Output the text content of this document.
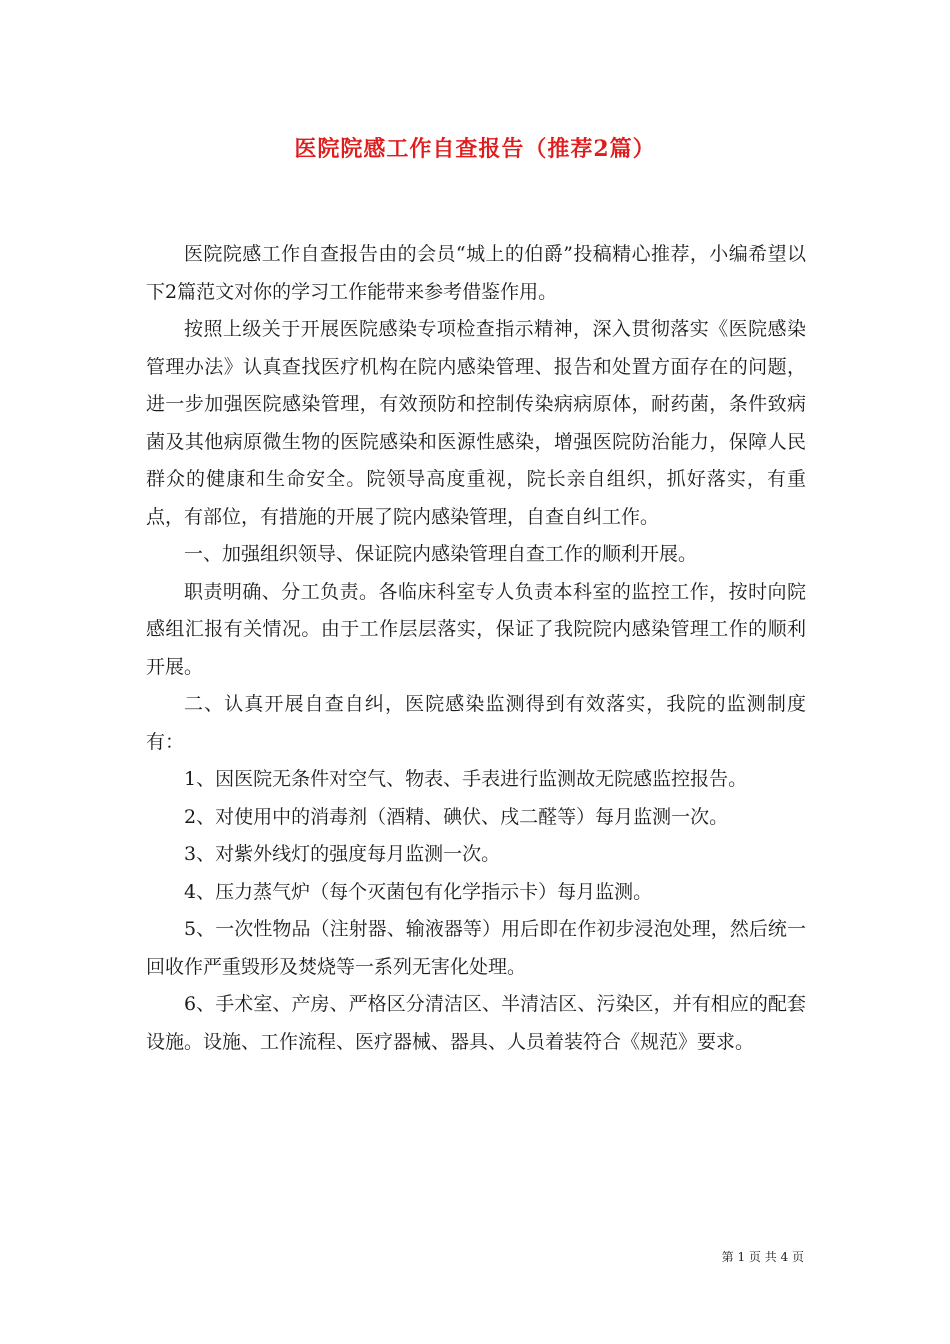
医院院感工作自查报告（推荐2篇）

医院院感工作自查报告由的会员“城上的伯爵”投稿精心推荐，小编希望以下2篇范文对你的学习工作能带来参考借鉴作用。

按照上级关于开展医院感染专项检查指示精神，深入贯彻落实《医院感染管理办法》认真查找医疗机构在院内感染管理、报告和处置方面存在的问题，进一步加强医院感染管理，有效预防和控制传染病病原体，耐药菌，条件致病菌及其他病原微生物的医院感染和医源性感染，增强医院防治能力，保障人民群众的健康和生命安全。院领导高度重视，院长亲自组织，抓好落实，有重点，有部位，有措施的开展了院内感染管理，自查自纠工作。

一、加强组织领导、保证院内感染管理自查工作的顺利开展。

职责明确、分工负责。各临床科室专人负责本科室的监控工作，按时向院感组汇报有关情况。由于工作层层落实，保证了我院院内感染管理工作的顺利开展。

二、认真开展自查自纠，医院感染监测得到有效落实，我院的监测制度有：

1、因医院无条件对空气、物表、手表进行监测故无院感监控报告。

2、对使用中的消毒剂（酒精、碘伏、戌二醛等）每月监测一次。

3、对紫外线灯的强度每月监测一次。

4、压力蒸气炉（每个灭菌包有化学指示卡）每月监测。

5、一次性物品（注射器、输液器等）用后即在作初步浸泡处理，然后统一回收作严重毁形及焚烧等一系列无害化处理。

6、手术室、产房、严格区分清洁区、半清洁区、污染区，并有相应的配套设施。设施、工作流程、医疗器械、器具、人员着装符合《规范》要求。

第 1 页 共 4 页
